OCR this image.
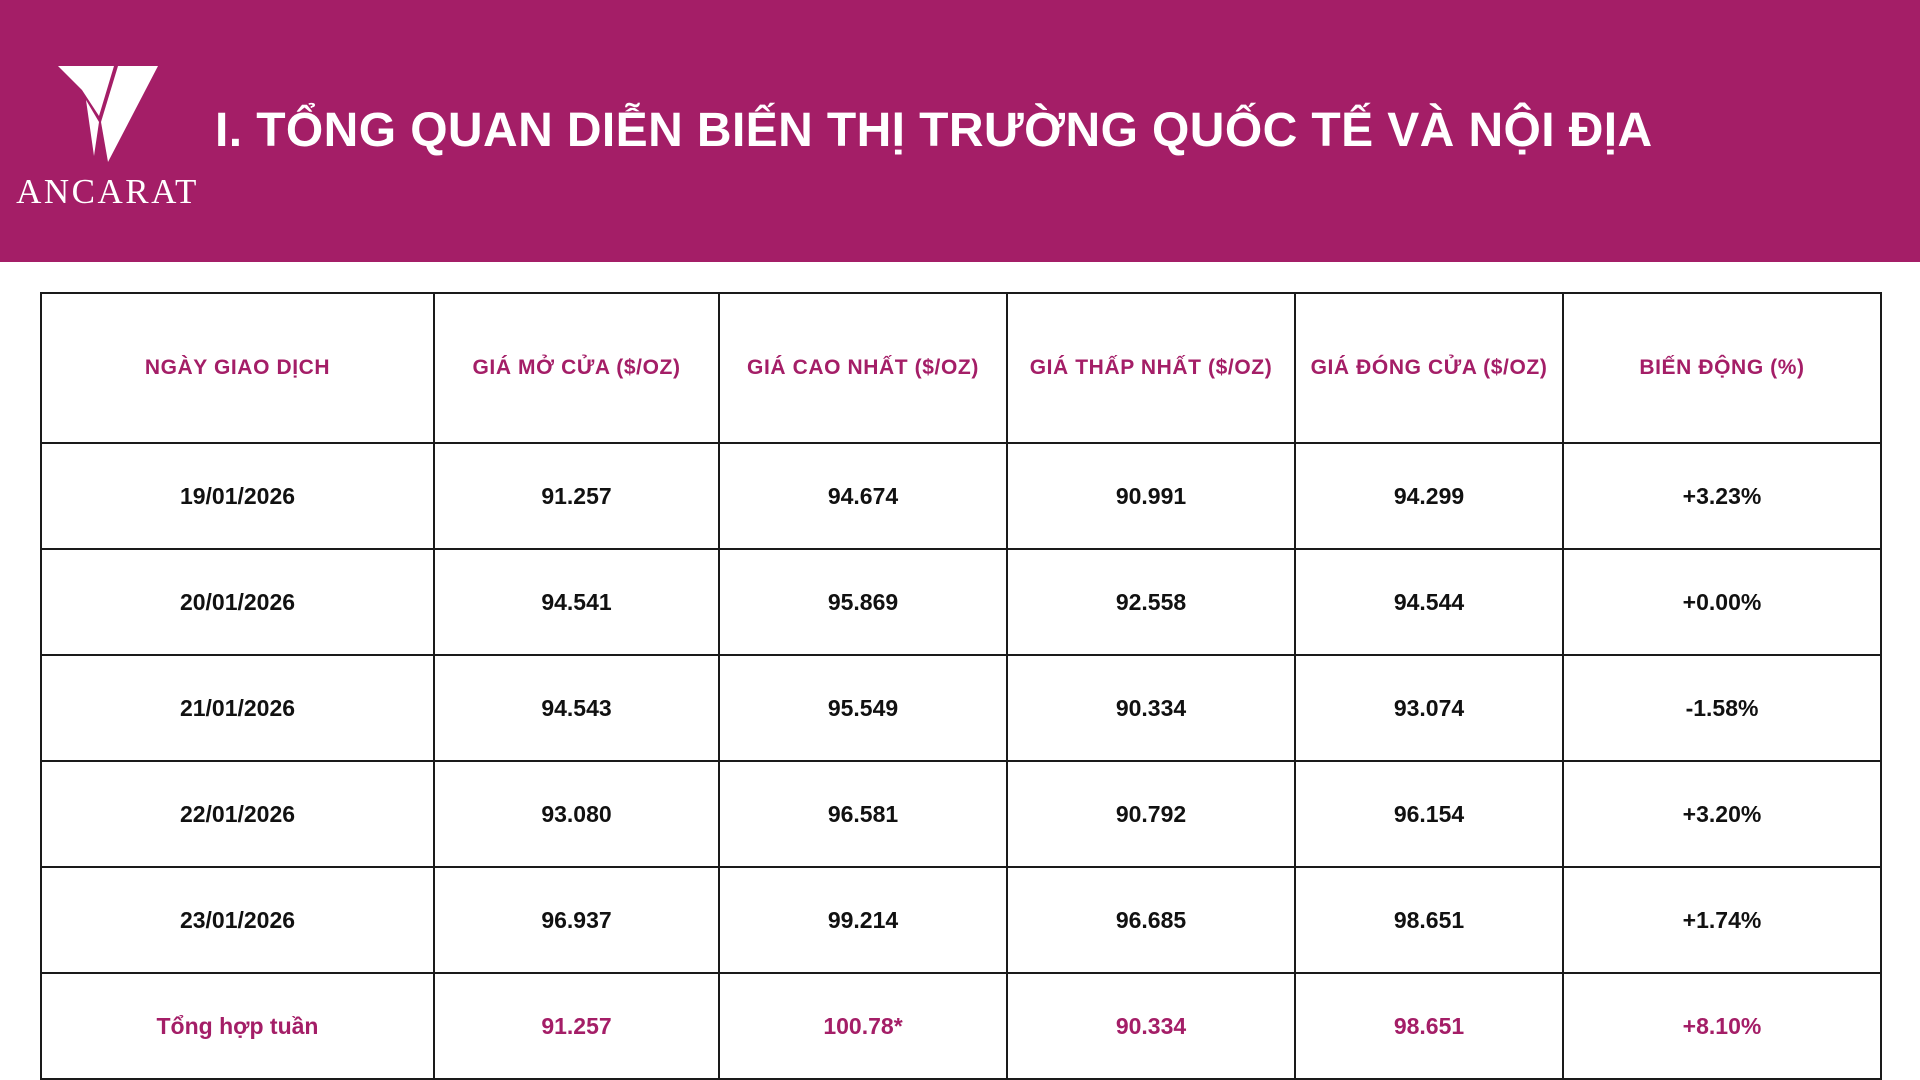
ANCARAT
I. TỔNG QUAN DIỄN BIẾN THỊ TRƯỜNG QUỐC TẾ VÀ NỘI ĐỊA
NGÀY GIAO DỊCH	GIÁ MỞ CỬA ($/OZ)	GIÁ CAO NHẤT ($/OZ)	GIÁ THẤP NHẤT ($/OZ)	GIÁ ĐÓNG CỬA ($/OZ)	BIẾN ĐỘNG (%)
19/01/2026	91.257	94.674	90.991	94.299	+3.23%
20/01/2026	94.541	95.869	92.558	94.544	+0.00%
21/01/2026	94.543	95.549	90.334	93.074	-1.58%
22/01/2026	93.080	96.581	90.792	96.154	+3.20%
23/01/2026	96.937	99.214	96.685	98.651	+1.74%
Tổng hợp tuần	91.257	100.78*	90.334	98.651	+8.10%
